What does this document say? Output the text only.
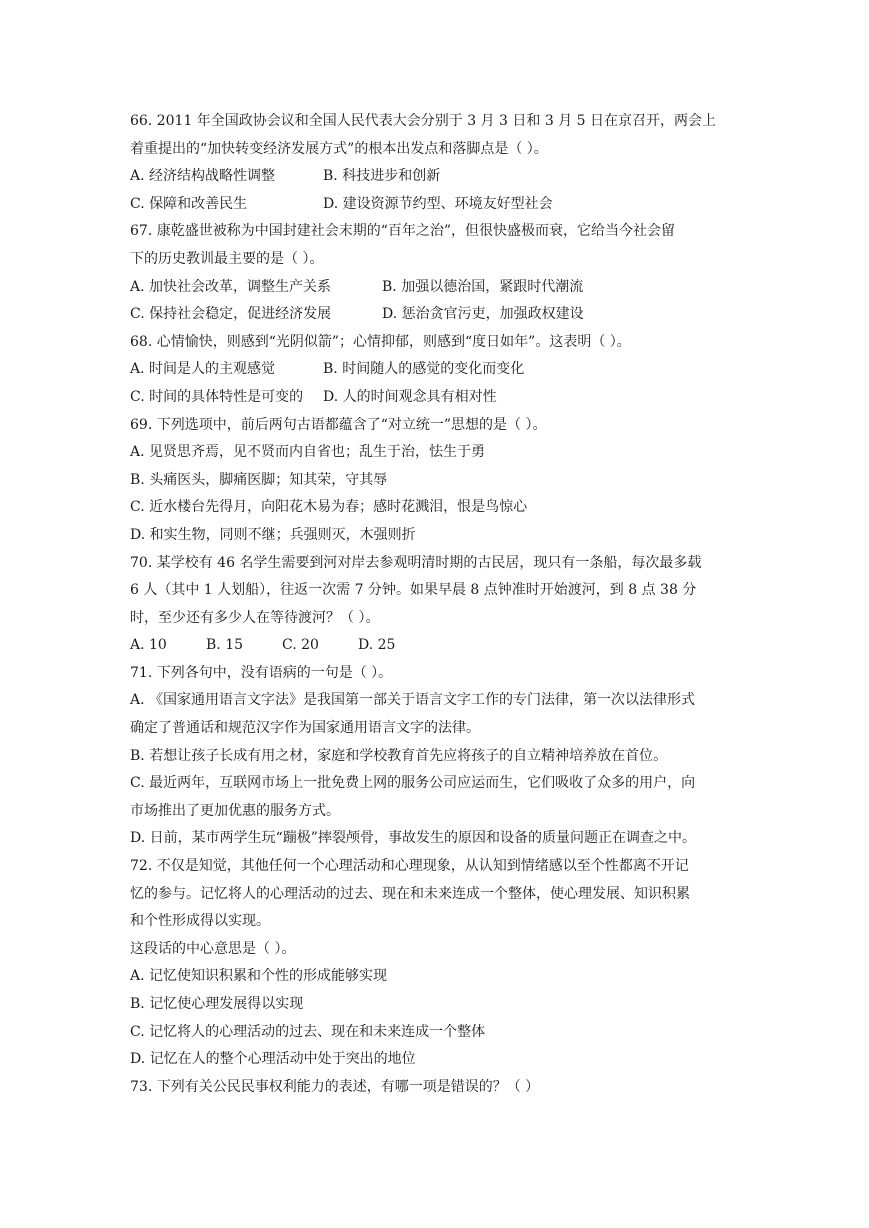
66. 2011 年全国政协会议和全国人民代表大会分别于 3 月 3 日和 3 月 5 日在京召开，两会上
着重提出的“加快转变经济发展方式”的根本出发点和落脚点是（ ）。
A. 经济结构战略性调整	B. 科技进步和创新
C. 保障和改善民生	D. 建设资源节约型、环境友好型社会
67. 康乾盛世被称为中国封建社会末期的“百年之治”，但很快盛极而衰，它给当今社会留
下的历史教训最主要的是（ ）。
A. 加快社会改革，调整生产关系	B. 加强以德治国，紧跟时代潮流
C. 保持社会稳定，促进经济发展	D. 惩治贪官污吏，加强政权建设
68. 心情愉快，则感到“光阴似箭”；心情抑郁，则感到“度日如年”。这表明（ ）。
A. 时间是人的主观感觉	B. 时间随人的感觉的变化而变化
C. 时间的具体特性是可变的	D. 人的时间观念具有相对性
69. 下列选项中，前后两句古语都蕴含了“对立统一”思想的是（ ）。
A. 见贤思齐焉，见不贤而内自省也；乱生于治，怯生于勇
B. 头痛医头，脚痛医脚；知其荣，守其辱
C. 近水楼台先得月，向阳花木易为春；感时花溅泪，恨是鸟惊心
D. 和实生物，同则不继；兵强则灭，木强则折
70. 某学校有 46 名学生需要到河对岸去参观明清时期的古民居，现只有一条船，每次最多载
6 人（其中 1 人划船），往返一次需 7 分钟。如果早晨 8 点钟准时开始渡河，到 8 点 38 分
时，至少还有多少人在等待渡河？（ ）。
A. 10	B. 15	C. 20	D. 25
71. 下列各句中，没有语病的一句是（ ）。
A. 《国家通用语言文字法》是我国第一部关于语言文字工作的专门法律，第一次以法律形式
确定了普通话和规范汉字作为国家通用语言文字的法律。
B. 若想让孩子长成有用之材，家庭和学校教育首先应将孩子的自立精神培养放在首位。
C. 最近两年，互联网市场上一批免费上网的服务公司应运而生，它们吸收了众多的用户，向
市场推出了更加优惠的服务方式。
D. 日前，某市两学生玩“蹦极”摔裂颅骨，事故发生的原因和设备的质量问题正在调查之中。
72. 不仅是知觉，其他任何一个心理活动和心理现象，从认知到情绪感以至个性都离不开记
忆的参与。记忆将人的心理活动的过去、现在和未来连成一个整体，使心理发展、知识积累
和个性形成得以实现。
这段话的中心意思是（ ）。
A. 记忆使知识积累和个性的形成能够实现
B. 记忆使心理发展得以实现
C. 记忆将人的心理活动的过去、现在和未来连成一个整体
D. 记忆在人的整个心理活动中处于突出的地位
73. 下列有关公民民事权利能力的表述，有哪一项是错误的？（ ）
